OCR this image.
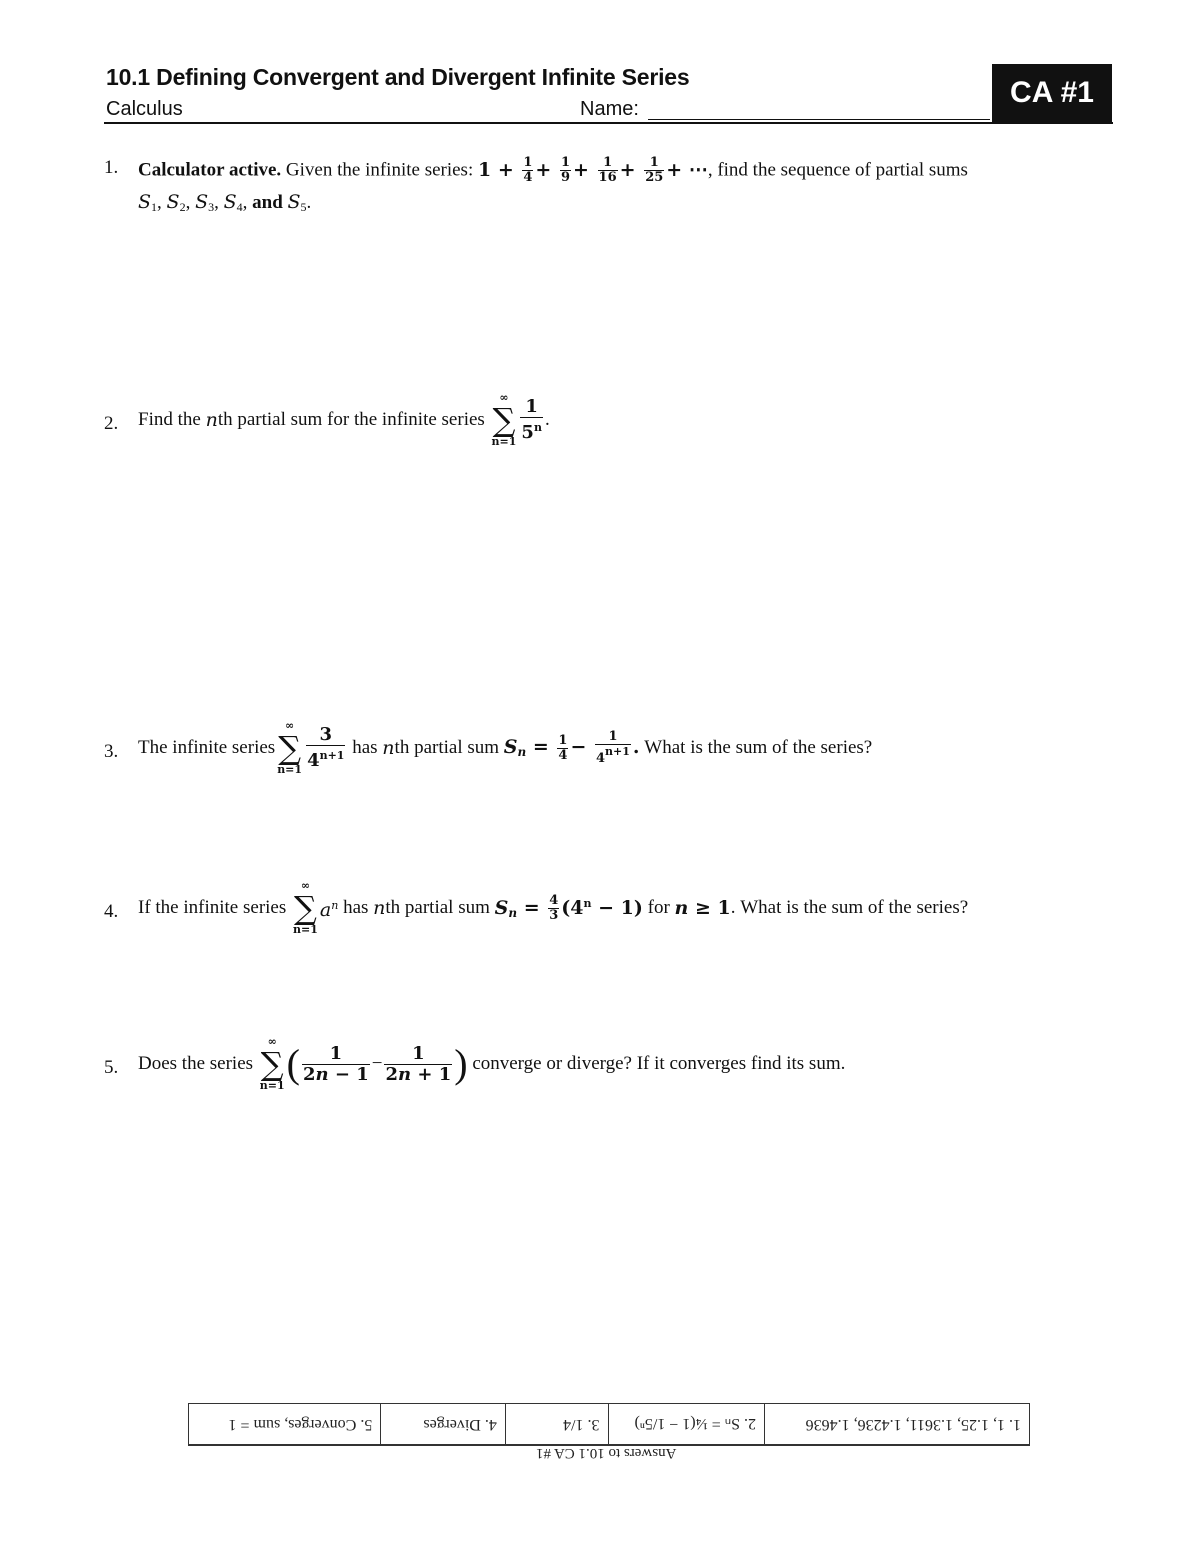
10.1 Defining Convergent and Divergent Infinite Series
Calculus	Name:	CA #1
1.	Calculator active. Given the infinite series: $1 + \frac{1}{4} + \frac{1}{9} + \frac{1}{16} + \frac{1}{25}$ + ⋯, find the sequence of partial sums
$S_1$, $S_2$, $S_3$, $S_4$, and $S_5$.
2.	Find the nth partial sum for the infinite series
∞
∑
$n=1 \frac{1}{5^n}$ .
3.	The infinite series
∞
∑
$n=1 \frac{3}{4^{n+1}}$ has nth partial sum $S_n = \frac{1}{4} - \frac{1}{4^{n+1}}$ . What is the sum of the series?
4.	If the infinite series
∞
∑
n=1
$a^n$ has nth partial sum $S_n = \frac{4}{3} (4^n - 1)$ for n ≥ 1. What is the sum of the series?
5.	Does the series
∞
∑
n=1 ( $\frac{1}{2n - 1} - \frac{1}{2n + 1}$ ) converge or diverge? If it converges find its sum.
1. 1, 1.25, 1.3611, 1.4236, 1.4636
2. Sₙ = ¼(1 − 1/5ⁿ)
3. 1/4
4. Diverges
5. Converges, sum = 1
Answers to 10.1 CA #1
